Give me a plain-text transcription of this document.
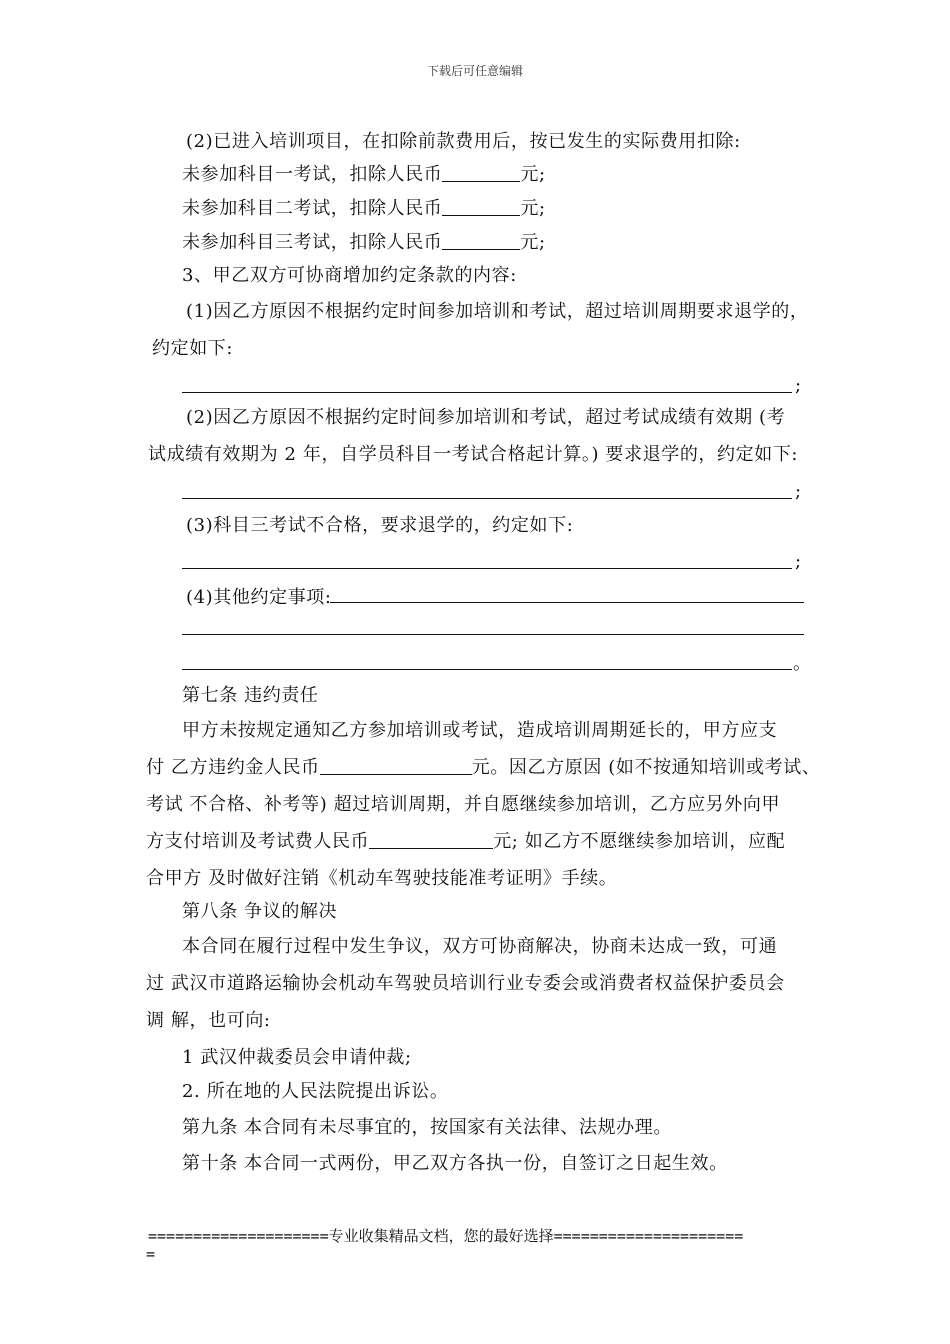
下载后可任意编辑
(2)已进入培训项目，在扣除前款费用后，按已发生的实际费用扣除:
未参加科目一考试，扣除人民币	元;
未参加科目二考试，扣除人民币	元;
未参加科目三考试，扣除人民币	元;
3、甲乙双方可协商增加约定条款的内容:
(1)因乙方原因不根据约定时间参加培训和考试，超过培训周期要求退学的，
约定如下:
;
(2)因乙方原因不根据约定时间参加培训和考试，超过考试成绩有效期 (考
试成绩有效期为 2 年，自学员科目一考试合格起计算。) 要求退学的，约定如下:
;
(3)科目三考试不合格，要求退学的，约定如下:
;
(4)其他约定事项:
。
第七条 违约责任
甲方未按规定通知乙方参加培训或考试，造成培训周期延长的，甲方应支
付 乙方违约金人民币	元。因乙方原因 (如不按通知培训或考试、
考试 不合格、补考等) 超过培训周期，并自愿继续参加培训，乙方应另外向甲
方支付培训及考试费人民币	元; 如乙方不愿继续参加培训，应配
合甲方 及时做好注销《机动车驾驶技能准考证明》手续。
第八条 争议的解决
本合同在履行过程中发生争议，双方可协商解决，协商未达成一致，可通
过 武汉市道路运输协会机动车驾驶员培训行业专委会或消费者权益保护委员会
调 解，也可向:
1 武汉仲裁委员会申请仲裁;
2. 所在地的人民法院提出诉讼。
第九条 本合同有未尽事宜的，按国家有关法律、法规办理。
第十条 本合同一式两份，甲乙双方各执一份，自签订之日起生效。
====================专业收集精品文档，您的最好选择=====================
=
